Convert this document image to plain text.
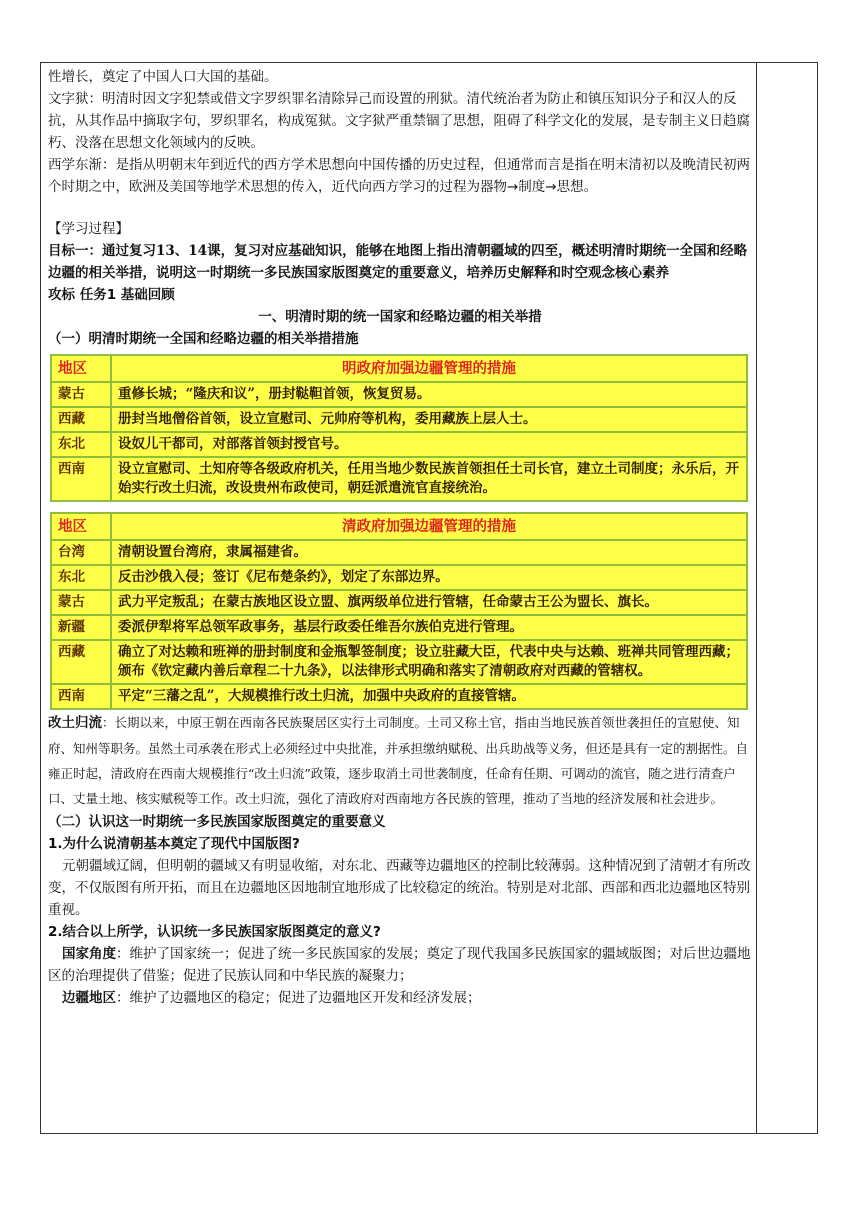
性增长，奠定了中国人口大国的基础。

文字狱：明清时因文字犯禁或借文字罗织罪名清除异己而设置的刑狱。清代统治者为防止和镇压知识分子和汉人的反抗，从其作品中摘取字句，罗织罪名，构成冤狱。文字狱严重禁锢了思想，阻碍了科学文化的发展，是专制主义日趋腐朽、没落在思想文化领域内的反映。

西学东渐：是指从明朝末年到近代的西方学术思想向中国传播的历史过程，但通常而言是指在明末清初以及晚清民初两个时期之中，欧洲及美国等地学术思想的传入，近代向西方学习的过程为器物→制度→思想。

【学习过程】

目标一：通过复习13、14课，复习对应基础知识，能够在地图上指出清朝疆域的四至，概述明清时期统一全国和经略边疆的相关举措，说明这一时期统一多民族国家版图奠定的重要意义，培养历史解释和时空观念核心素养

攻标 任务1 基础回顾

一、明清时期的统一国家和经略边疆的相关举措

（一）明清时期统一全国和经略边疆的相关举措措施

地区	明政府加强边疆管理的措施
蒙古	重修长城；“隆庆和议”，册封鞑靼首领，恢复贸易。
西藏	册封当地僧俗首领，设立宣慰司、元帅府等机构，委用藏族上层人士。
东北	设奴儿干都司，对部落首领封授官号。
西南	设立宣慰司、土知府等各级政府机关，任用当地少数民族首领担任土司长官，建立土司制度；永乐后，开始实行改土归流，改设贵州布政使司，朝廷派遣流官直接统治。
地区	清政府加强边疆管理的措施
台湾	清朝设置台湾府，隶属福建省。
东北	反击沙俄入侵；签订《尼布楚条约》，划定了东部边界。
蒙古	武力平定叛乱；在蒙古族地区设立盟、旗两级单位进行管辖，任命蒙古王公为盟长、旗长。
新疆	委派伊犁将军总领军政事务，基层行政委任维吾尔族伯克进行管理。
西藏	确立了对达赖和班禅的册封制度和金瓶掣签制度；设立驻藏大臣，代表中央与达赖、班禅共同管理西藏；颁布《钦定藏内善后章程二十九条》，以法律形式明确和落实了清朝政府对西藏的管辖权。
西南	平定“三藩之乱”，大规模推行改土归流，加强中央政府的直接管辖。

改土归流：长期以来，中原王朝在西南各民族聚居区实行土司制度。土司又称土官，指由当地民族首领世袭担任的宣慰使、知府、知州等职务。虽然土司承袭在形式上必须经过中央批准，并承担缴纳赋税、出兵助战等义务，但还是具有一定的割据性。自雍正时起，清政府在西南大规模推行“改土归流”政策，逐步取消土司世袭制度，任命有任期、可调动的流官，随之进行清查户口、丈量土地、核实赋税等工作。改土归流，强化了清政府对西南地方各民族的管理，推动了当地的经济发展和社会进步。

（二）认识这一时期统一多民族国家版图奠定的重要意义

1.为什么说清朝基本奠定了现代中国版图?

元朝疆域辽阔，但明朝的疆域又有明显收缩，对东北、西藏等边疆地区的控制比较薄弱。这种情况到了清朝才有所改变，不仅版图有所开拓，而且在边疆地区因地制宜地形成了比较稳定的统治。特别是对北部、西部和西北边疆地区特别重视。

2.结合以上所学，认识统一多民族国家版图奠定的意义?

国家角度：维护了国家统一；促进了统一多民族国家的发展；奠定了现代我国多民族国家的疆域版图；对后世边疆地区的治理提供了借鉴；促进了民族认同和中华民族的凝聚力；

边疆地区：维护了边疆地区的稳定；促进了边疆地区开发和经济发展；
